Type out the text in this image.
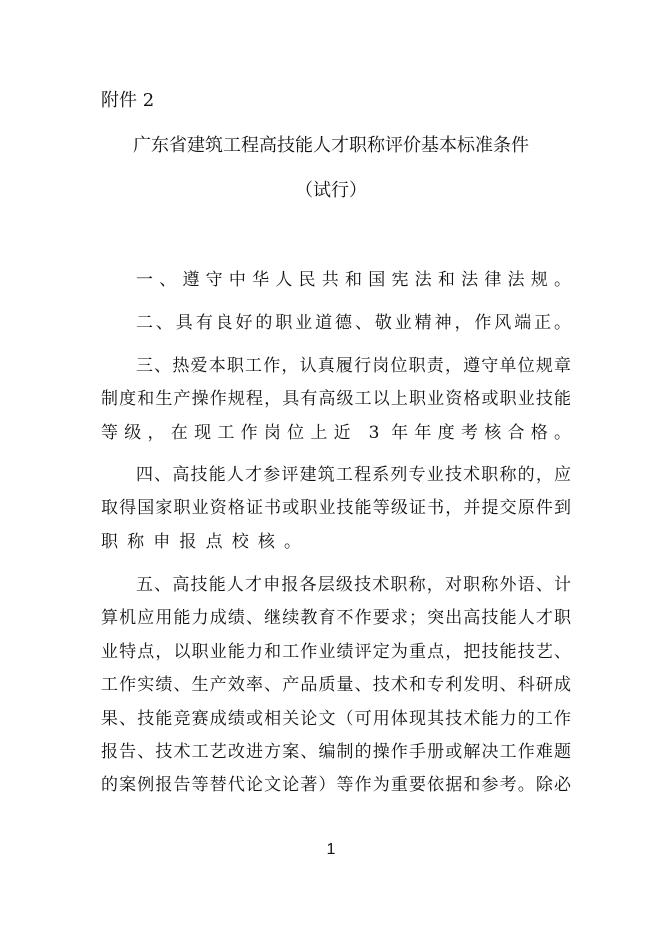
附件 2
广东省建筑工程高技能人才职称评价基本标准条件
（试行）
一、遵守中华人民共和国宪法和法律法规。
二、具有良好的职业道德、敬业精神，作风端正。
三、热爱本职工作，认真履行岗位职责，遵守单位规章
制度和生产操作规程，具有高级工以上职业资格或职业技能
等级，在现工作岗位上近 3 年年度考核合格。
四、高技能人才参评建筑工程系列专业技术职称的，应
取得国家职业资格证书或职业技能等级证书，并提交原件到
职称申报点校核。
五、高技能人才申报各层级技术职称，对职称外语、计
算机应用能力成绩、继续教育不作要求；突出高技能人才职
业特点，以职业能力和工作业绩评定为重点，把技能技艺、
工作实绩、生产效率、产品质量、技术和专利发明、科研成
果、技能竞赛成绩或相关论文（可用体现其技术能力的工作
报告、技术工艺改进方案、编制的操作手册或解决工作难题
的案例报告等替代论文论著）等作为重要依据和参考。除必
1
